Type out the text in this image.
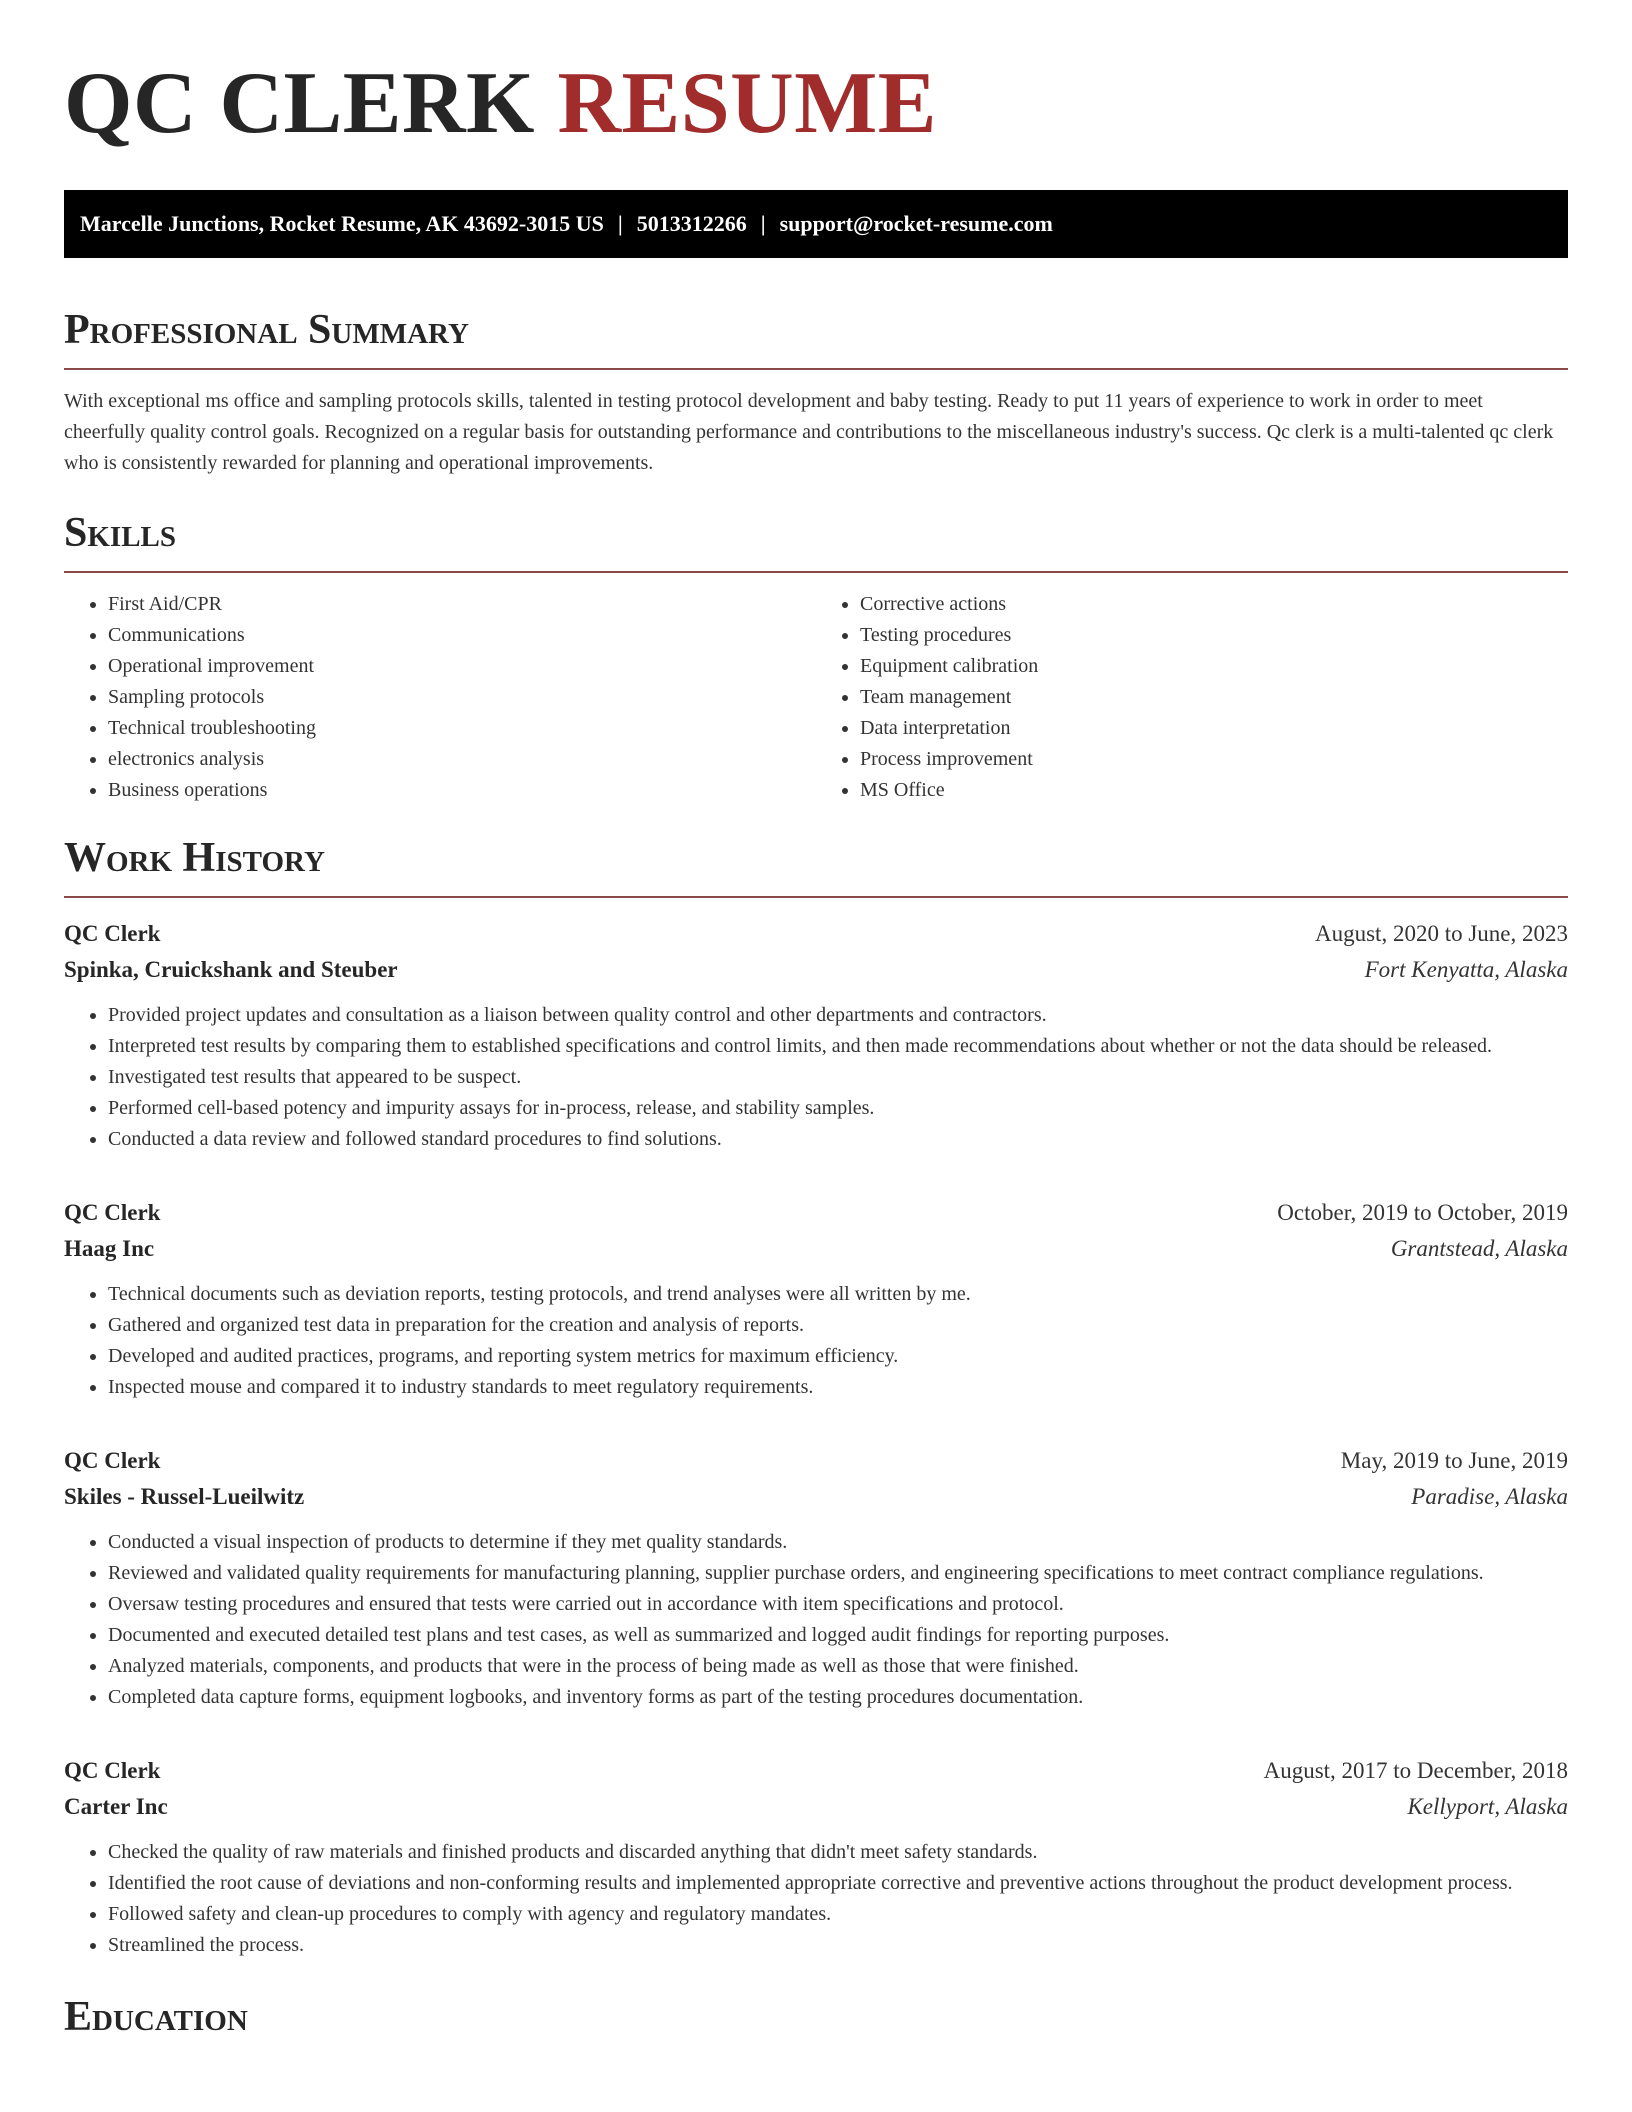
QC CLERK RESUME
Marcelle Junctions, Rocket Resume, AK 43692-3015 US | 5013312266 | support@rocket-resume.com
Professional Summary

With exceptional ms office and sampling protocols skills, talented in testing protocol development and baby testing. Ready to put 11 years of experience to work in order to meet cheerfully quality control goals. Recognized on a regular basis for outstanding performance and contributions to the miscellaneous industry's success. Qc clerk is a multi-talented qc clerk who is consistently rewarded for planning and operational improvements.

Skills
• First Aid/CPR
• Communications
• Operational improvement
• Sampling protocols
• Technical troubleshooting
• electronics analysis
• Business operations
• Corrective actions
• Testing procedures
• Equipment calibration
• Team management
• Data interpretation
• Process improvement
• MS Office
Work History
QC Clerk	August, 2020 to June, 2023
Spinka, Cruickshank and Steuber	Fort Kenyatta, Alaska
• Provided project updates and consultation as a liaison between quality control and other departments and contractors.
• Interpreted test results by comparing them to established specifications and control limits, and then made recommendations about whether or not the data should be released.
• Investigated test results that appeared to be suspect.
• Performed cell-based potency and impurity assays for in-process, release, and stability samples.
• Conducted a data review and followed standard procedures to find solutions.
QC Clerk	October, 2019 to October, 2019
Haag Inc	Grantstead, Alaska
• Technical documents such as deviation reports, testing protocols, and trend analyses were all written by me.
• Gathered and organized test data in preparation for the creation and analysis of reports.
• Developed and audited practices, programs, and reporting system metrics for maximum efficiency.
• Inspected mouse and compared it to industry standards to meet regulatory requirements.
QC Clerk	May, 2019 to June, 2019
Skiles - Russel-Lueilwitz	Paradise, Alaska
• Conducted a visual inspection of products to determine if they met quality standards.
• Reviewed and validated quality requirements for manufacturing planning, supplier purchase orders, and engineering specifications to meet contract compliance regulations.
• Oversaw testing procedures and ensured that tests were carried out in accordance with item specifications and protocol.
• Documented and executed detailed test plans and test cases, as well as summarized and logged audit findings for reporting purposes.
• Analyzed materials, components, and products that were in the process of being made as well as those that were finished.
• Completed data capture forms, equipment logbooks, and inventory forms as part of the testing procedures documentation.
QC Clerk	August, 2017 to December, 2018
Carter Inc	Kellyport, Alaska
• Checked the quality of raw materials and finished products and discarded anything that didn't meet safety standards.
• Identified the root cause of deviations and non-conforming results and implemented appropriate corrective and preventive actions throughout the product development process.
• Followed safety and clean-up procedures to comply with agency and regulatory mandates.
• Streamlined the process.
Education
